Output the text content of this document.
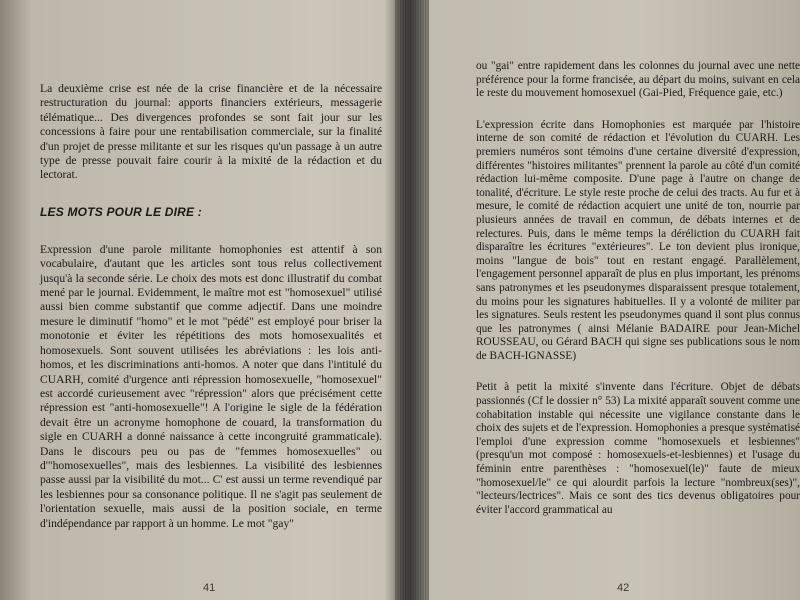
La deuxième crise est née de la crise financière et de la nécessaire restructuration du journal: apports financiers extérieurs, messagerie télématique... Des divergences profondes se sont fait jour sur les concessions à faire pour une rentabilisation commerciale, sur la finalité d'un projet de presse militante et sur les risques qu'un passage à un autre type de presse pouvait faire courir à la mixité de la rédaction et du lectorat.

LES MOTS POUR LE DIRE :

Expression d'une parole militante homophonies est attentif à son vocabulaire, d'autant que les articles sont tous relus collectivement jusqu'à la seconde série. Le choix des mots est donc illustratif du combat mené par le journal. Evidemment, le maître mot est "homosexuel" utilisé aussi bien comme substantif que comme adjectif. Dans une moindre mesure le diminutif "homo" et le mot "pédé" est employé pour briser la monotonie et éviter les répétitions des mots homosexualités et homosexuels. Sont souvent utilisées les abréviations : les lois anti-homos, et les discriminations anti-homos. A noter que dans l'intitulé du CUARH, comité d'urgence anti répression homosexuelle, "homosexuel" est accordé curieusement avec "répression" alors que précisément cette répression est "anti-homosexuelle"! A l'origine le sigle de la fédération devait être un acronyme homophone de couard, la transformation du sigle en CUARH a donné naissance à cette incongruité grammaticale). Dans le discours peu ou pas de "femmes homosexuelles" ou d'"homosexuelles", mais des lesbiennes. La visibilité des lesbiennes passe aussi par la visibilité du mot... C' est aussi un terme revendiqué par les lesbiennes pour sa consonance politique. Il ne s'agit pas seulement de l'orientation sexuelle, mais aussi de la position sociale, en terme d'indépendance par rapport à un homme. Le mot "gay"

41

ou "gai" entre rapidement dans les colonnes du journal avec une nette préférence pour la forme francisée, au départ du moins, suivant en cela le reste du mouvement homosexuel (Gai-Pied, Fréquence gaie, etc.)

L'expression écrite dans Homophonies est marquée par l'histoire interne de son comité de rédaction et l'évolution du CUARH. Les premiers numéros sont témoins d'une certaine diversité d'expression, différentes "histoires militantes" prennent la parole au côté d'un comité rédaction lui-même composite. D'une page à l'autre on change de tonalité, d'écriture. Le style reste proche de celui des tracts. Au fur et à mesure, le comité de rédaction acquiert une unité de ton, nourrie par plusieurs années de travail en commun, de débats internes et de relectures. Puis, dans le même temps la déréliction du CUARH fait disparaître les écritures "extérieures". Le ton devient plus ironique, moins "langue de bois" tout en restant engagé. Parallèlement, l'engagement personnel apparaît de plus en plus important, les prénoms sans patronymes et les pseudonymes disparaissent presque totalement, du moins pour les signatures habituelles. Il y a volonté de militer par les signatures. Seuls restent les pseudonymes quand il sont plus connus que les patronymes ( ainsi Mélanie BADAIRE pour Jean-Michel ROUSSEAU, ou Gérard BACH qui signe ses publications sous le nom de BACH-IGNASSE)

Petit à petit la mixité s'invente dans l'écriture. Objet de débats passionnés (Cf le dossier n° 53) La mixité apparaît souvent comme une cohabitation instable qui nécessite une vigilance constante dans le choix des sujets et de l'expression. Homophonies a presque systématisé l'emploi d'une expression comme "homosexuels et lesbiennes" (presqu'un mot composé : homosexuels-et-lesbiennes) et l'usage du féminin entre parenthèses : "homosexuel(le)" faute de mieux "homosexuel/le" ce qui alourdit parfois la lecture "nombreux(ses)", "lecteurs/lectrices". Mais ce sont des tics devenus obligatoires pour éviter l'accord grammatical au

42
